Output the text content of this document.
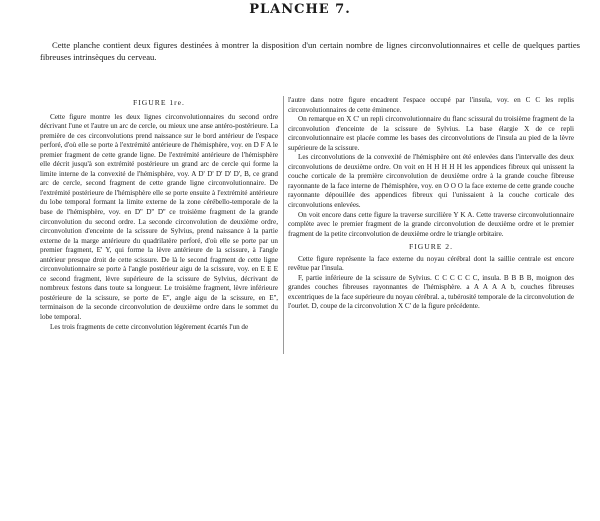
PLANCHE 7.
Cette planche contient deux figures destinées à montrer la disposition d'un certain nombre de lignes circonvolutionnaires et celle de quelques parties fibreuses intrinsèques du cerveau.
FIGURE 1re.

Cette figure montre les deux lignes circonvolutionnaires du second ordre décrivant l'une et l'autre un arc de cercle, ou mieux une anse antéro-postérieure. La première de ces circonvolutions prend naissance sur le bord antérieur de l'espace perforé, d'où elle se porte à l'extrémité antérieure de l'hémisphère, voy. en D F A le premier fragment de cette grande ligne. De l'extrémité antérieure de l'hémisphère elle décrit jusqu'à son extrémité postérieure un grand arc de cercle qui forme la limite interne de la convexité de l'hémisphère, voy. A D' D' D' D' D', B, ce grand arc de cercle, second fragment de cette grande ligne circonvolutionnaire. De l'extrémité postérieure de l'hémisphère elle se porte ensuite à l'extrémité antérieure du lobe temporal formant la limite externe de la zone cérébello-temporale de la base de l'hémisphère, voy. en D'' D'' D'' ce troisième fragment de la grande circonvolution du second ordre. La seconde circonvolution de deuxième ordre, circonvolution d'enceinte de la scissure de Sylvius, prend naissance à la partie externe de la marge antérieure du quadrilatère perforé, d'où elle se porte par un premier fragment, E' Y, qui forme la lèvre antérieure de la scissure, à l'angle antérieur presque droit de cette scissure. De là le second fragment de cette ligne circonvolutionnaire se porte à l'angle postérieur aigu de la scissure, voy. en E E E ce second fragment, lèvre supérieure de la scissure de Sylvius, décrivant de nombreux festons dans toute sa longueur. Le troisième fragment, lèvre inférieure postérieure de la scissure, se porte de E'', angle aigu de la scissure, en E'', terminaison de la seconde circonvolution de deuxième ordre dans le sommet du lobe temporal.

Les trois fragments de cette circonvolution légèrement écartés l'un de

l'autre dans notre figure encadrent l'espace occupé par l'insula, voy. en C C les replis circonvolutionnaires de cette éminence.

On remarque en X C' un repli circonvolutionnaire du flanc scissural du troisième fragment de la circonvolution d'enceinte de la scissure de Sylvius. La base élargie X de ce repli circonvolutionnaire est placée comme les bases des circonvolutions de l'insula au pied de la lèvre supérieure de la scissure.

Les circonvolutions de la convexité de l'hémisphère ont été enlevées dans l'intervalle des deux circonvolutions de deuxième ordre. On voit en H H H H H les appendices fibreux qui unissent la couche corticale de la première circonvolution de deuxième ordre à la grande couche fibreuse rayonnante de la face interne de l'hémisphère, voy. en O O O la face externe de cette grande couche rayonnante dépouillée des appendices fibreux qui l'unissaient à la couche corticale des circonvolutions enlevées.

On voit encore dans cette figure la traverse surcilière Y K A. Cette traverse circonvolutionnaire complète avec le premier fragment de la grande circonvolution de deuxième ordre et le premier fragment de la petite circonvolution de deuxième ordre le triangle orbitaire.

FIGURE 2.

Cette figure représente la face externe du noyau cérébral dont la saillie centrale est encore revêtue par l'insula.

F, partie inférieure de la scissure de Sylvius. C C C C C C, insula. B B B B, moignon des grandes couches fibreuses rayonnantes de l'hémisphère. a A A A A b, couches fibreuses excentriques de la face supérieure du noyau cérébral. a, tubérosité temporale de la circonvolution de l'ourlet. D, coupe de la circonvolution X C' de la figure précédente.
